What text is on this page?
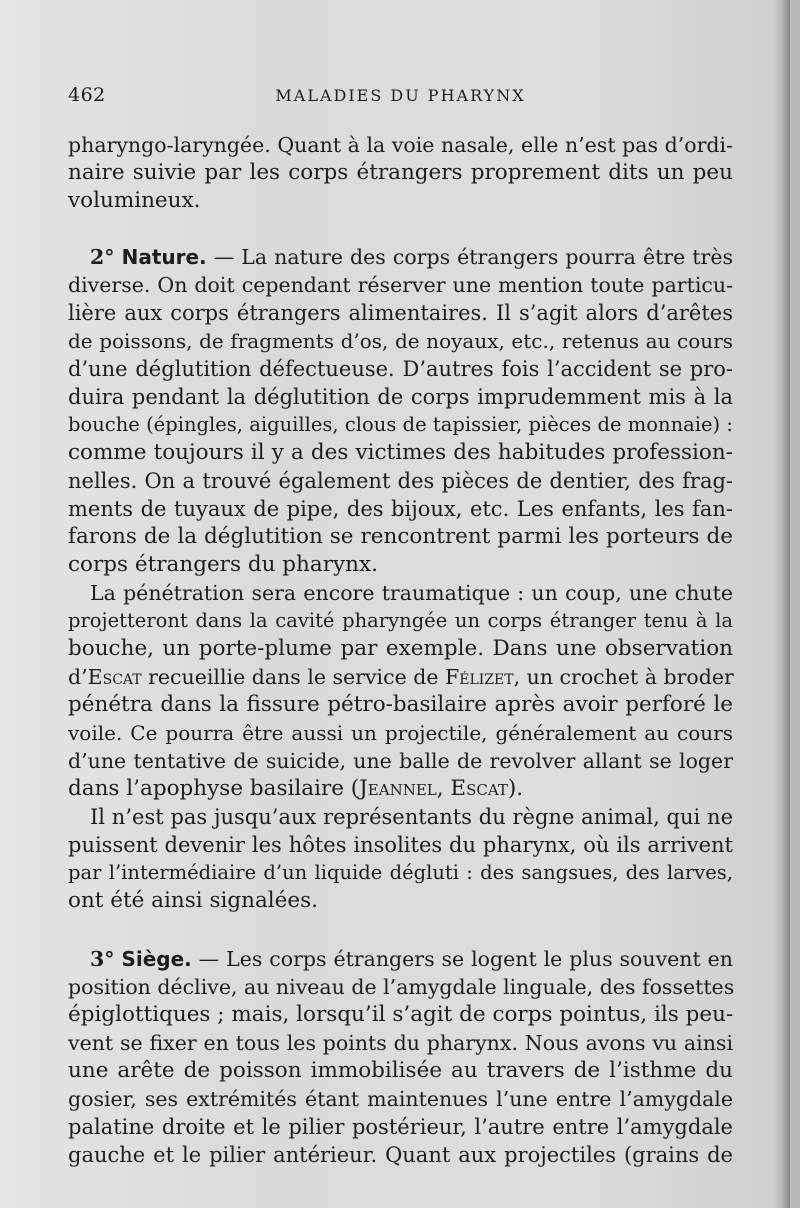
462	MALADIES DU PHARYNX
pharyngo-laryngée. Quant à la voie nasale, elle n’est pas d’ordi-
naire suivie par les corps étrangers proprement dits un peu
volumineux.
2° Nature. — La nature des corps étrangers pourra être très
diverse. On doit cependant réserver une mention toute particu-
lière aux corps étrangers alimentaires. Il s’agit alors d’arêtes
de poissons, de fragments d’os, de noyaux, etc., retenus au cours
d’une déglutition défectueuse. D’autres fois l’accident se pro-
duira pendant la déglutition de corps imprudemment mis à la
bouche (épingles, aiguilles, clous de tapissier, pièces de monnaie) :
comme toujours il y a des victimes des habitudes profession-
nelles. On a trouvé également des pièces de dentier, des frag-
ments de tuyaux de pipe, des bijoux, etc. Les enfants, les fan-
farons de la déglutition se rencontrent parmi les porteurs de
corps étrangers du pharynx.
La pénétration sera encore traumatique : un coup, une chute
projetteront dans la cavité pharyngée un corps étranger tenu à la
bouche, un porte-plume par exemple. Dans une observation
d’Escat recueillie dans le service de Félizet, un crochet à broder
pénétra dans la fissure pétro-basilaire après avoir perforé le
voile. Ce pourra être aussi un projectile, généralement au cours
d’une tentative de suicide, une balle de revolver allant se loger
dans l’apophyse basilaire (Jeannel, Escat).
Il n’est pas jusqu’aux représentants du règne animal, qui ne
puissent devenir les hôtes insolites du pharynx, où ils arrivent
par l’intermédiaire d’un liquide dégluti : des sangsues, des larves,
ont été ainsi signalées.
3° Siège. — Les corps étrangers se logent le plus souvent en
position déclive, au niveau de l’amygdale linguale, des fossettes
épiglottiques ; mais, lorsqu’il s’agit de corps pointus, ils peu-
vent se fixer en tous les points du pharynx. Nous avons vu ainsi
une arête de poisson immobilisée au travers de l’isthme du
gosier, ses extrémités étant maintenues l’une entre l’amygdale
palatine droite et le pilier postérieur, l’autre entre l’amygdale
gauche et le pilier antérieur. Quant aux projectiles (grains de
